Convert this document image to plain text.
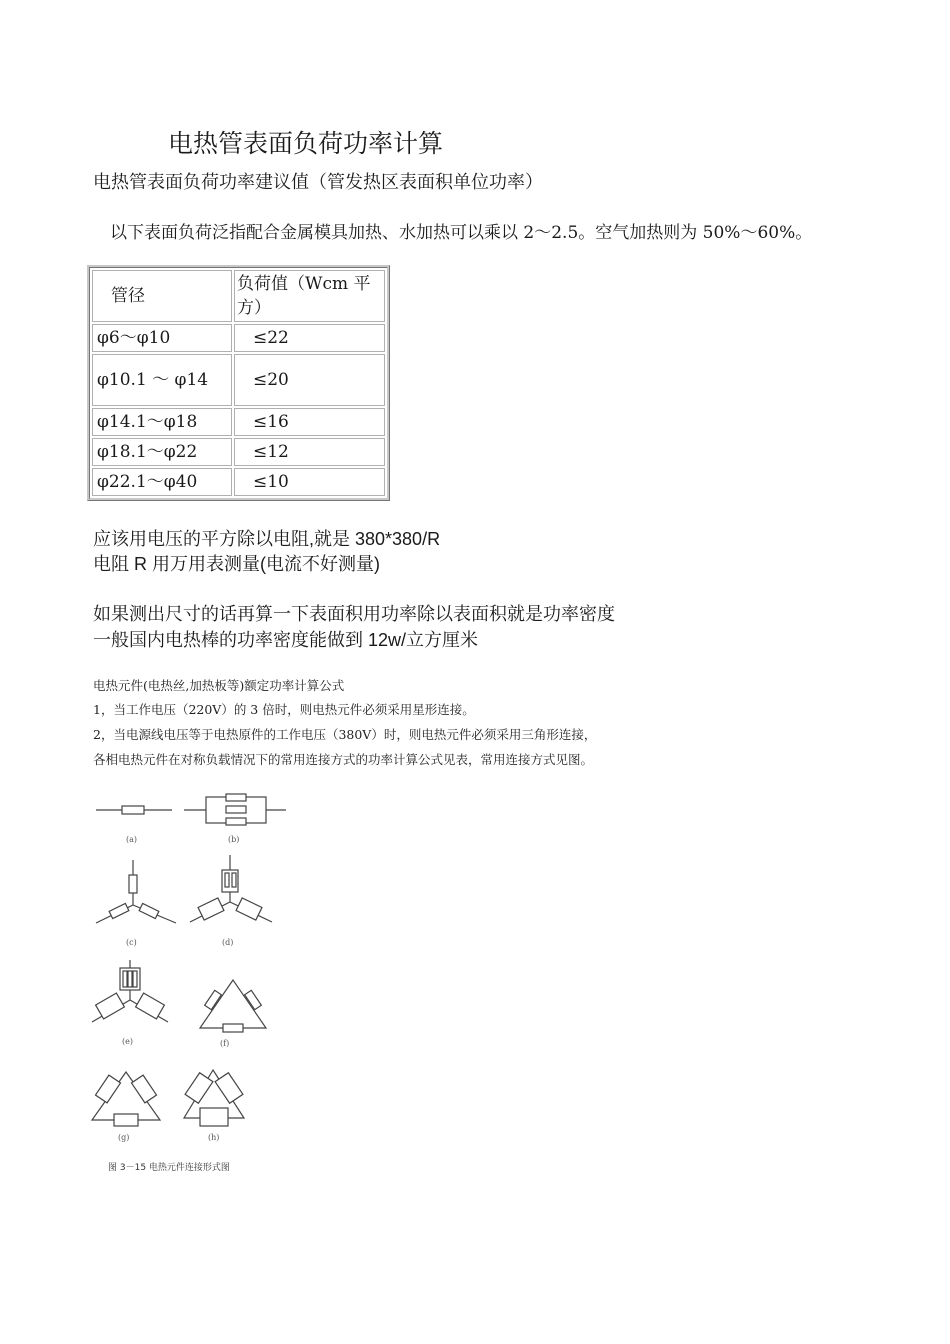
电热管表面负荷功率计算
电热管表面负荷功率建议值（管发热区表面积单位功率）
以下表面负荷泛指配合金属模具加热、水加热可以乘以 2～2.5。空气加热则为 50%～60%。
管径	负荷值（Wcm 平方）
φ6～φ10	≤22
φ10.1 ～ φ14	≤20
φ14.1～φ18	≤16
φ18.1～φ22	≤12
φ22.1～φ40	≤10
应该用电压的平方除以电阻,就是 380*380/R
电阻 R 用万用表测量(电流不好测量)
如果测出尺寸的话再算一下表面积用功率除以表面积就是功率密度
一般国内电热棒的功率密度能做到 12w/立方厘米
电热元件(电热丝,加热板等)额定功率计算公式
1，当工作电压（220V）的 3 倍时，则电热元件必须采用星形连接。
2，当电源线电压等于电热原件的工作电压（380V）时，则电热元件必须采用三角形连接，
各相电热元件在对称负载情况下的常用连接方式的功率计算公式见表，常用连接方式见图。
(a)	(b)
(c)	(d)
(e)	(f)
(g)	(h)
图 3－15 电热元件连接形式图
